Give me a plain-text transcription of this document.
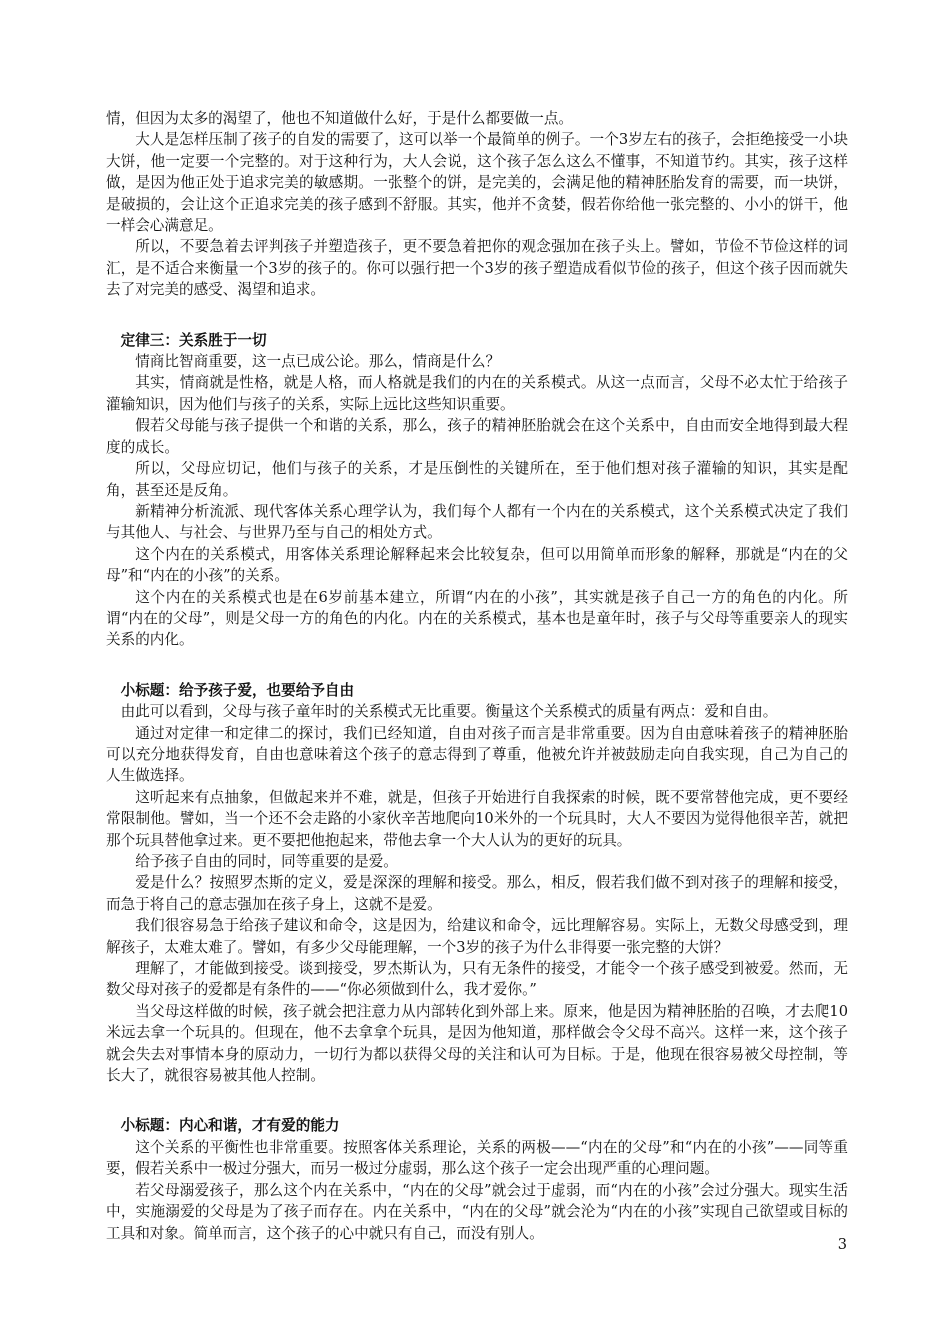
情，但因为太多的渴望了，他也不知道做什么好，于是什么都要做一点。

大人是怎样压制了孩子的自发的需要了，这可以举一个最简单的例子。一个3岁左右的孩子，会拒绝接受一小块大饼，他一定要一个完整的。对于这种行为，大人会说，这个孩子怎么这么不懂事，不知道节约。其实，孩子这样做，是因为他正处于追求完美的敏感期。一张整个的饼，是完美的，会满足他的精神胚胎发育的需要，而一块饼，是破损的，会让这个正追求完美的孩子感到不舒服。其实，他并不贪婪，假若你给他一张完整的、小小的饼干，他一样会心满意足。

所以，不要急着去评判孩子并塑造孩子，更不要急着把你的观念强加在孩子头上。譬如，节俭不节俭这样的词汇，是不适合来衡量一个3岁的孩子的。你可以强行把一个3岁的孩子塑造成看似节俭的孩子，但这个孩子因而就失去了对完美的感受、渴望和追求。

定律三：关系胜于一切

情商比智商重要，这一点已成公论。那么，情商是什么？

其实，情商就是性格，就是人格，而人格就是我们的内在的关系模式。从这一点而言，父母不必太忙于给孩子灌输知识，因为他们与孩子的关系，实际上远比这些知识重要。

假若父母能与孩子提供一个和谐的关系，那么，孩子的精神胚胎就会在这个关系中，自由而安全地得到最大程度的成长。

所以，父母应切记，他们与孩子的关系，才是压倒性的关键所在，至于他们想对孩子灌输的知识，其实是配角，甚至还是反角。

新精神分析流派、现代客体关系心理学认为，我们每个人都有一个内在的关系模式，这个关系模式决定了我们与其他人、与社会、与世界乃至与自己的相处方式。

这个内在的关系模式，用客体关系理论解释起来会比较复杂，但可以用简单而形象的解释，那就是“内在的父母”和“内在的小孩”的关系。

这个内在的关系模式也是在6岁前基本建立，所谓“内在的小孩”，其实就是孩子自己一方的角色的内化。所谓“内在的父母”，则是父母一方的角色的内化。内在的关系模式，基本也是童年时，孩子与父母等重要亲人的现实关系的内化。

小标题：给予孩子爱，也要给予自由

由此可以看到，父母与孩子童年时的关系模式无比重要。衡量这个关系模式的质量有两点：爱和自由。

通过对定律一和定律二的探讨，我们已经知道，自由对孩子而言是非常重要。因为自由意味着孩子的精神胚胎可以充分地获得发育，自由也意味着这个孩子的意志得到了尊重，他被允许并被鼓励走向自我实现，自己为自己的人生做选择。

这听起来有点抽象，但做起来并不难，就是，但孩子开始进行自我探索的时候，既不要常替他完成，更不要经常限制他。譬如，当一个还不会走路的小家伙辛苦地爬向10米外的一个玩具时，大人不要因为觉得他很辛苦，就把那个玩具替他拿过来。更不要把他抱起来，带他去拿一个大人认为的更好的玩具。

给予孩子自由的同时，同等重要的是爱。

爱是什么？按照罗杰斯的定义，爱是深深的理解和接受。那么，相反，假若我们做不到对孩子的理解和接受，而急于将自己的意志强加在孩子身上，这就不是爱。

我们很容易急于给孩子建议和命令，这是因为，给建议和命令，远比理解容易。实际上，无数父母感受到，理解孩子，太难太难了。譬如，有多少父母能理解，一个3岁的孩子为什么非得要一张完整的大饼？

理解了，才能做到接受。谈到接受，罗杰斯认为，只有无条件的接受，才能令一个孩子感受到被爱。然而，无数父母对孩子的爱都是有条件的——“你必须做到什么，我才爱你。”

当父母这样做的时候，孩子就会把注意力从内部转化到外部上来。原来，他是因为精神胚胎的召唤，才去爬10米远去拿一个玩具的。但现在，他不去拿拿个玩具，是因为他知道，那样做会令父母不高兴。这样一来，这个孩子就会失去对事情本身的原动力，一切行为都以获得父母的关注和认可为目标。于是，他现在很容易被父母控制，等长大了，就很容易被其他人控制。

小标题：内心和谐，才有爱的能力

这个关系的平衡性也非常重要。按照客体关系理论，关系的两极——“内在的父母”和“内在的小孩”——同等重要，假若关系中一极过分强大，而另一极过分虚弱，那么这个孩子一定会出现严重的心理问题。

若父母溺爱孩子，那么这个内在关系中，“内在的父母”就会过于虚弱，而“内在的小孩”会过分强大。现实生活中，实施溺爱的父母是为了孩子而存在。内在关系中，“内在的父母”就会沦为“内在的小孩”实现自己欲望或目标的工具和对象。简单而言，这个孩子的心中就只有自己，而没有别人。

3
